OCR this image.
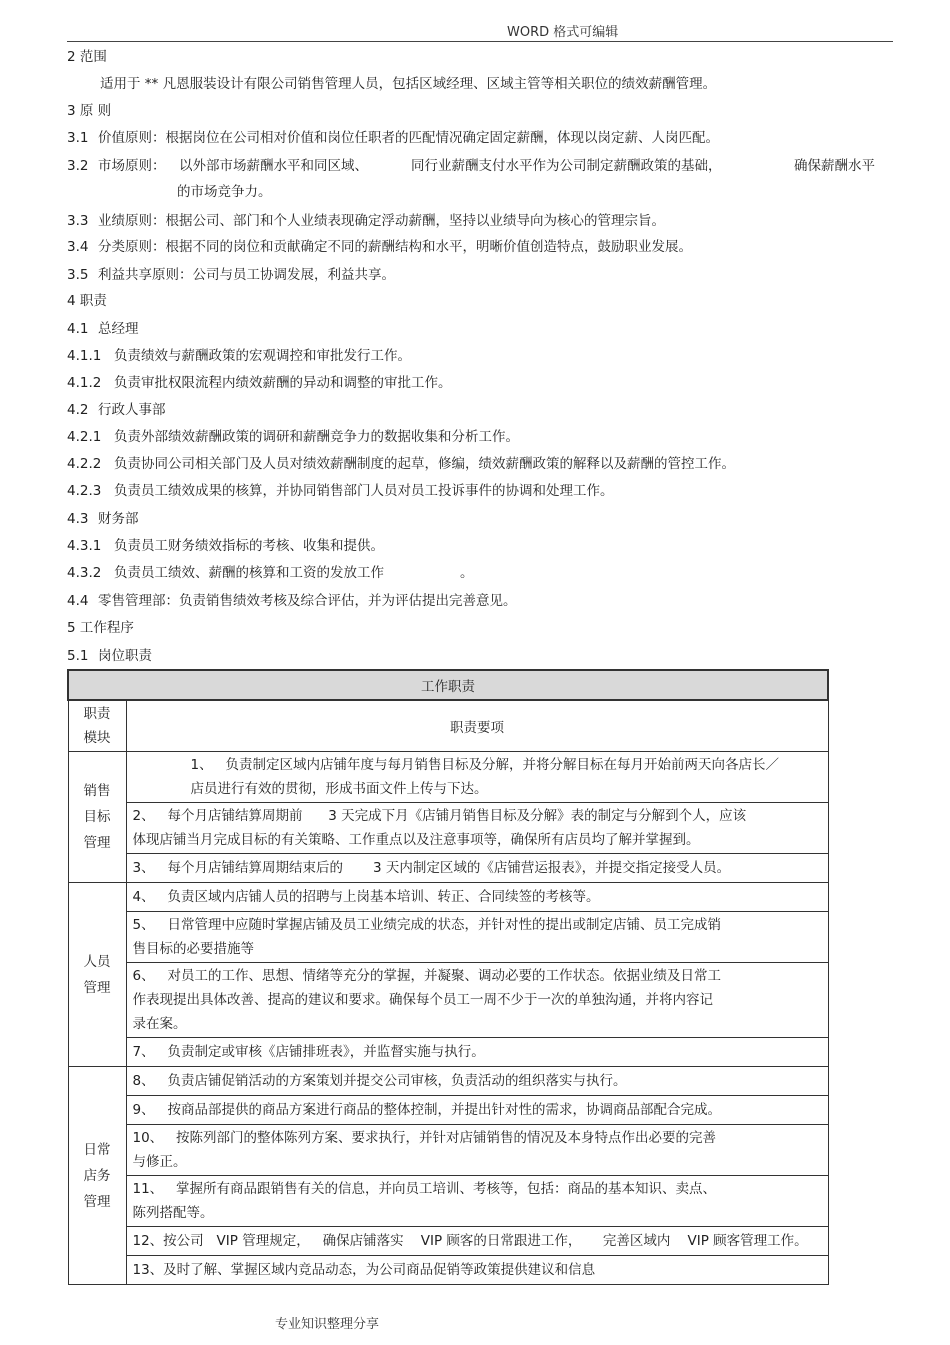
WORD 格式可编辑
2 范围
适用于 ** 凡恩服装设计有限公司销售管理人员，包括区域经理、区域主管等相关职位的绩效薪酬管理。
3 原 则
3.1 价值原则：根据岗位在公司相对价值和岗位任职者的匹配情况确定固定薪酬，体现以岗定薪、人岗匹配。
3.2 市场原则： 以外部市场薪酬水平和同区域、	同行业薪酬支付水平作为公司制定薪酬政策的基础，	确保薪酬水平
的市场竞争力。
3.3 业绩原则：根据公司、部门和个人业绩表现确定浮动薪酬，坚持以业绩导向为核心的管理宗旨。
3.4 分类原则：根据不同的岗位和贡献确定不同的薪酬结构和水平，明晰价值创造特点，鼓励职业发展。
3.5 利益共享原则：公司与员工协调发展，利益共享。
4 职责
4.1 总经理
4.1.1 负责绩效与薪酬政策的宏观调控和审批发行工作。
4.1.2 负责审批权限流程内绩效薪酬的异动和调整的审批工作。
4.2 行政人事部
4.2.1 负责外部绩效薪酬政策的调研和薪酬竞争力的数据收集和分析工作。
4.2.2 负责协同公司相关部门及人员对绩效薪酬制度的起草，修编，绩效薪酬政策的解释以及薪酬的管控工作。
4.2.3 负责员工绩效成果的核算，并协同销售部门人员对员工投诉事件的协调和处理工作。
4.3 财务部
4.3.1 负责员工财务绩效指标的考核、收集和提供。
4.3.2 负责员工绩效、薪酬的核算和工资的发放工作	。
4.4 零售管理部：负责销售绩效考核及综合评估，并为评估提出完善意见。
5 工作程序
5.1 岗位职责
工作职责	

职责
模块	职责要项

销售
目标
管理	1、   负责制定区域内店铺年度与每月销售目标及分解，并将分解目标在每月开始前两天向各店长／
店员进行有效的贯彻，形成书面文件上传与下达。

	2、   每个月店铺结算周期前      3 天完成下月《店铺月销售目标及分解》表的制定与分解到个人，应该
体现店铺当月完成目标的有关策略、工作重点以及注意事项等，确保所有店员均了解并掌握到。

	3、   每个月店铺结算周期结束后的       3 天内制定区域的《店铺营运报表》，并提交指定接受人员。

人员
管理	4、   负责区域内店铺人员的招聘与上岗基本培训、转正、合同续签的考核等。

	5、   日常管理中应随时掌握店铺及员工业绩完成的状态，并针对性的提出或制定店铺、员工完成销
售目标的必要措施等

	6、   对员工的工作、思想、情绪等充分的掌握，并凝聚、调动必要的工作状态。依据业绩及日常工
作表现提出具体改善、提高的建议和要求。确保每个员工一周不少于一次的单独沟通，并将内容记
录在案。

	7、   负责制定或审核《店铺排班表》，并监督实施与执行。

日常
店务
管理	8、   负责店铺促销活动的方案策划并提交公司审核，负责活动的组织落实与执行。

	9、   按商品部提供的商品方案进行商品的整体控制，并提出针对性的需求，协调商品部配合完成。

	10、   按陈列部门的整体陈列方案、要求执行，并针对店铺销售的情况及本身特点作出必要的完善
与修正。

	11、   掌握所有商品跟销售有关的信息，并向员工培训、考核等，包括：商品的基本知识、卖点、
陈列搭配等。

	12、按公司   VIP 管理规定，   确保店铺落实    VIP 顾客的日常跟进工作，     完善区域内    VIP 顾客管理工作。

	13、及时了解、掌握区域内竞品动态，为公司商品促销等政策提供建议和信息
专业知识整理分享
